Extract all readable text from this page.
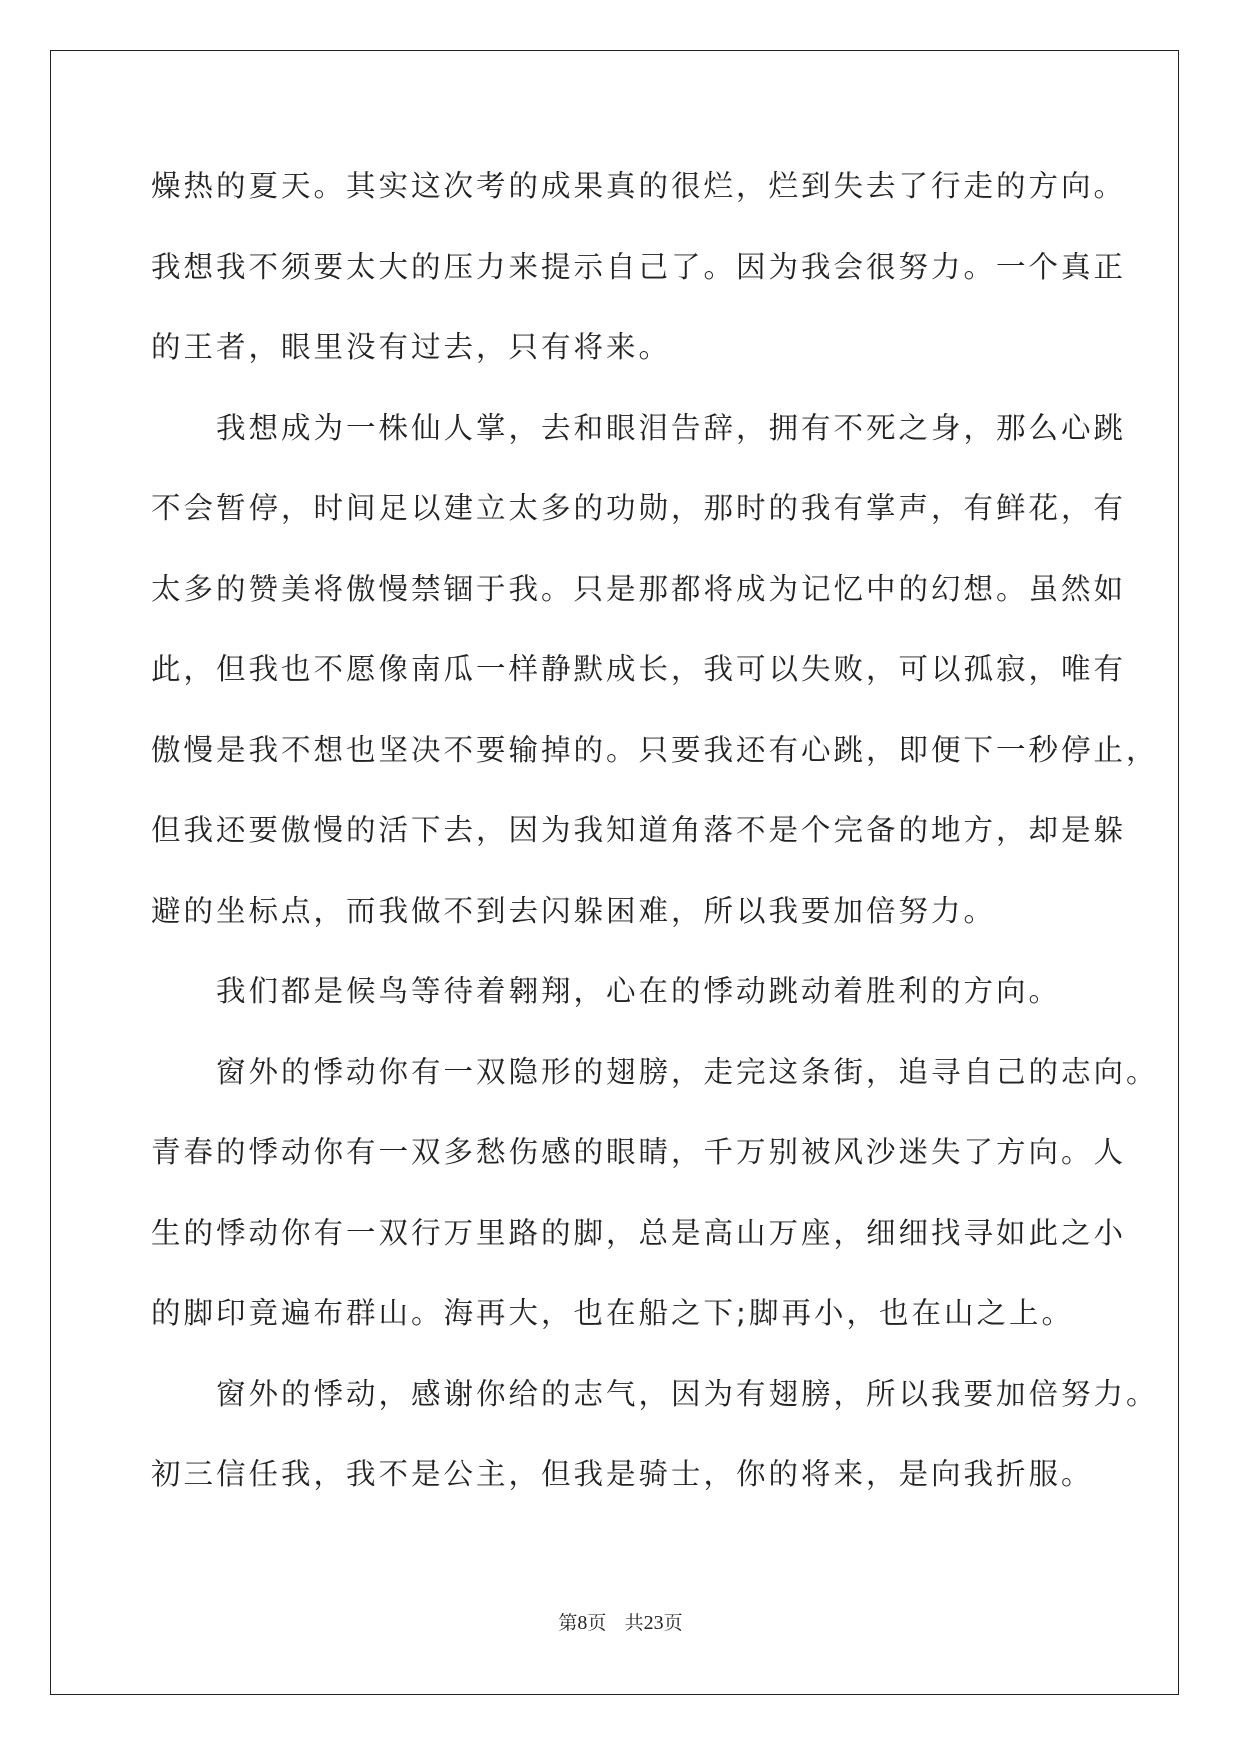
燥热的夏天。其实这次考的成果真的很烂，烂到失去了行走的方向。
我想我不须要太大的压力来提示自己了。因为我会很努力。一个真正
的王者，眼里没有过去，只有将来。
　　我想成为一株仙人掌，去和眼泪告辞，拥有不死之身，那么心跳
不会暂停，时间足以建立太多的功勋，那时的我有掌声，有鲜花，有
太多的赞美将傲慢禁锢于我。只是那都将成为记忆中的幻想。虽然如
此，但我也不愿像南瓜一样静默成长，我可以失败，可以孤寂，唯有
傲慢是我不想也坚决不要输掉的。只要我还有心跳，即便下一秒停止，
但我还要傲慢的活下去，因为我知道角落不是个完备的地方，却是躲
避的坐标点，而我做不到去闪躲困难，所以我要加倍努力。
　　我们都是候鸟等待着翱翔，心在的悸动跳动着胜利的方向。
　　窗外的悸动你有一双隐形的翅膀，走完这条街，追寻自己的志向。
青春的悸动你有一双多愁伤感的眼睛，千万别被风沙迷失了方向。人
生的悸动你有一双行万里路的脚，总是高山万座，细细找寻如此之小
的脚印竟遍布群山。海再大，也在船之下;脚再小，也在山之上。
　　窗外的悸动，感谢你给的志气，因为有翅膀，所以我要加倍努力。
初三信任我，我不是公主，但我是骑士，你的将来，是向我折服。
第8页 共23页
